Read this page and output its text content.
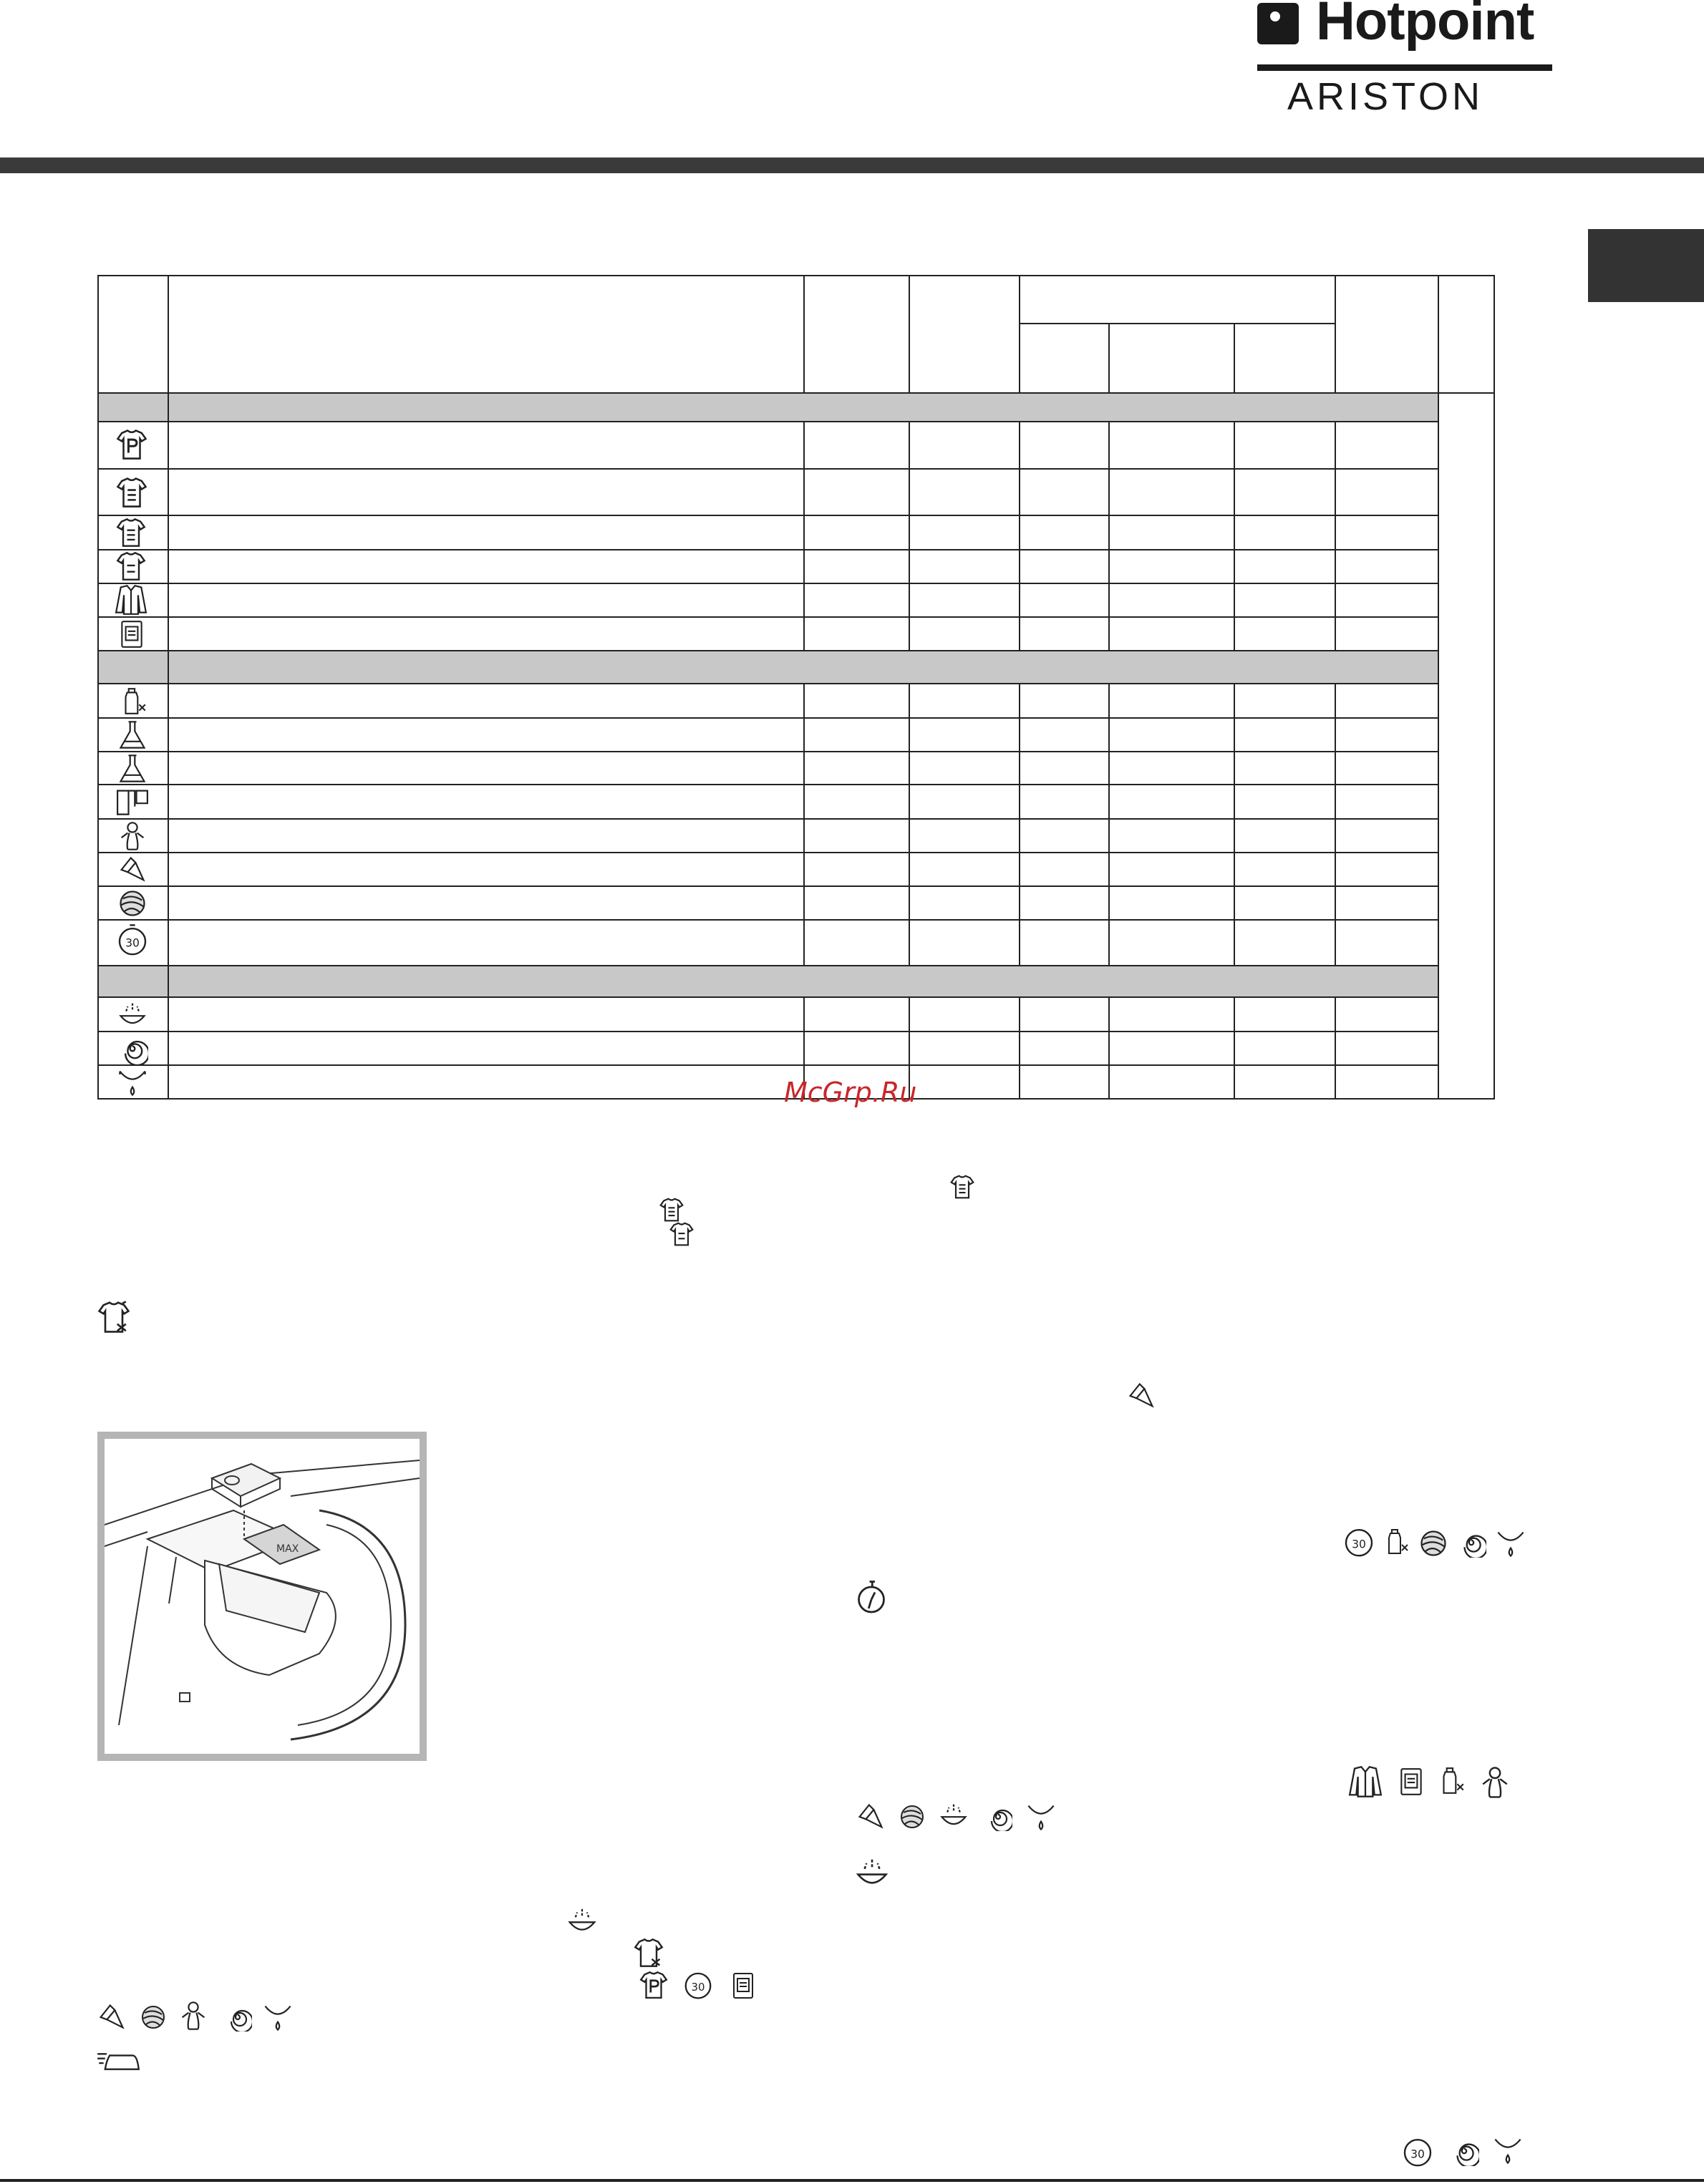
Hotpoint
ARISTON
30
McGrp.Ru
30
30
30
MAX
